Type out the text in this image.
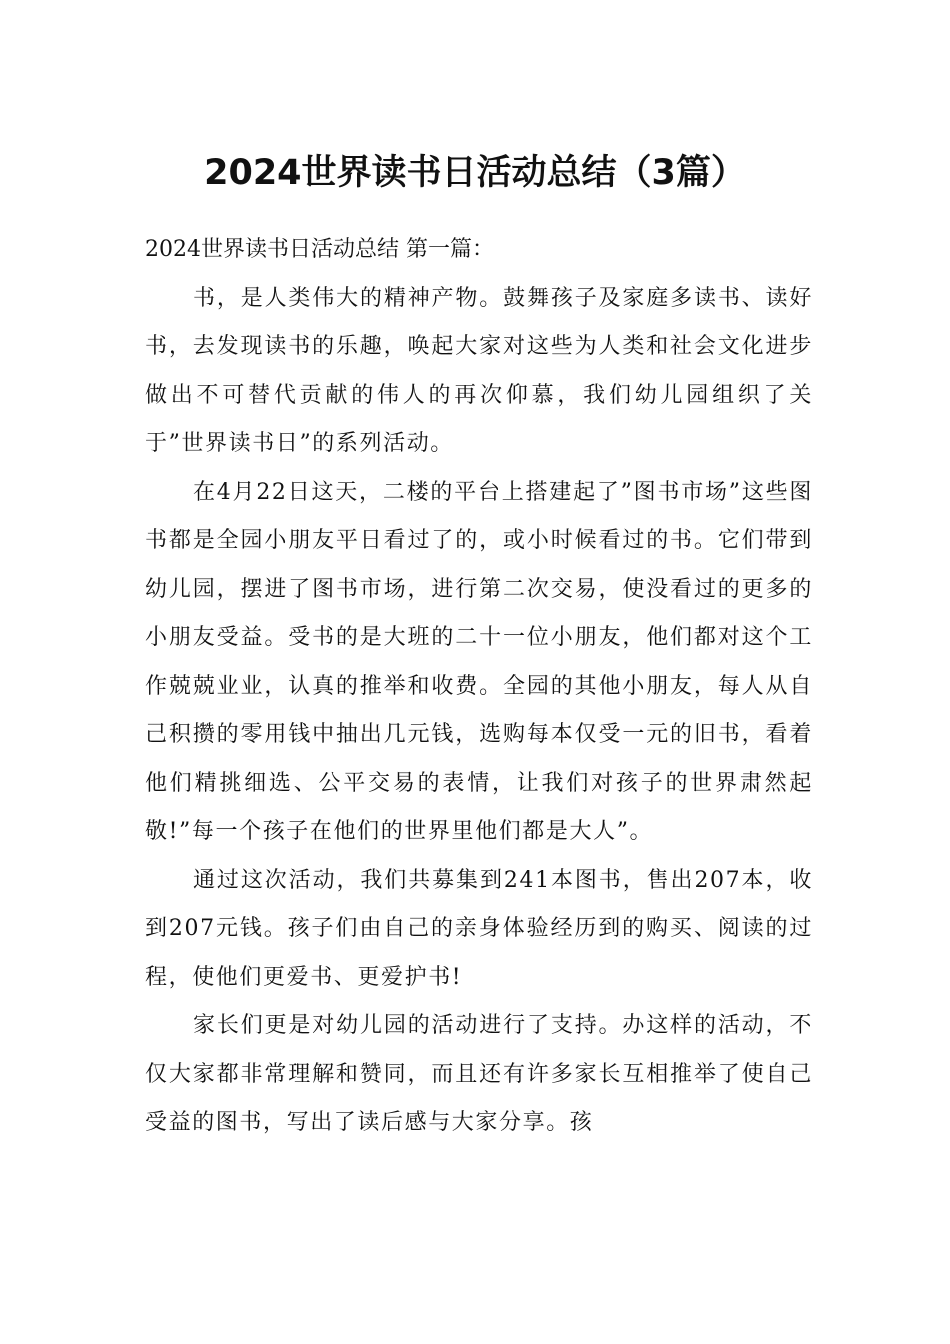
2024世界读书日活动总结（3篇）

2024世界读书日活动总结 第一篇：

书，是人类伟大的精神产物。鼓舞孩子及家庭多读书、读好书，去发现读书的乐趣，唤起大家对这些为人类和社会文化进步做出不可替代贡献的伟人的再次仰慕，我们幼儿园组织了关于”世界读书日”的系列活动。

在4月22日这天，二楼的平台上搭建起了”图书市场”这些图书都是全园小朋友平日看过了的，或小时候看过的书。它们带到幼儿园，摆进了图书市场，进行第二次交易，使没看过的更多的小朋友受益。受书的是大班的二十一位小朋友，他们都对这个工作兢兢业业，认真的推举和收费。全园的其他小朋友，每人从自己积攒的零用钱中抽出几元钱，选购每本仅受一元的旧书，看着他们精挑细选、公平交易的表情，让我们对孩子的世界肃然起敬!”每一个孩子在他们的世界里他们都是大人”。

通过这次活动，我们共募集到241本图书，售出207本，收到207元钱。孩子们由自己的亲身体验经历到的购买、阅读的过程，使他们更爱书、更爱护书!

家长们更是对幼儿园的活动进行了支持。办这样的活动，不仅大家都非常理解和赞同，而且还有许多家长互相推举了使自己受益的图书，写出了读后感与大家分享。孩
